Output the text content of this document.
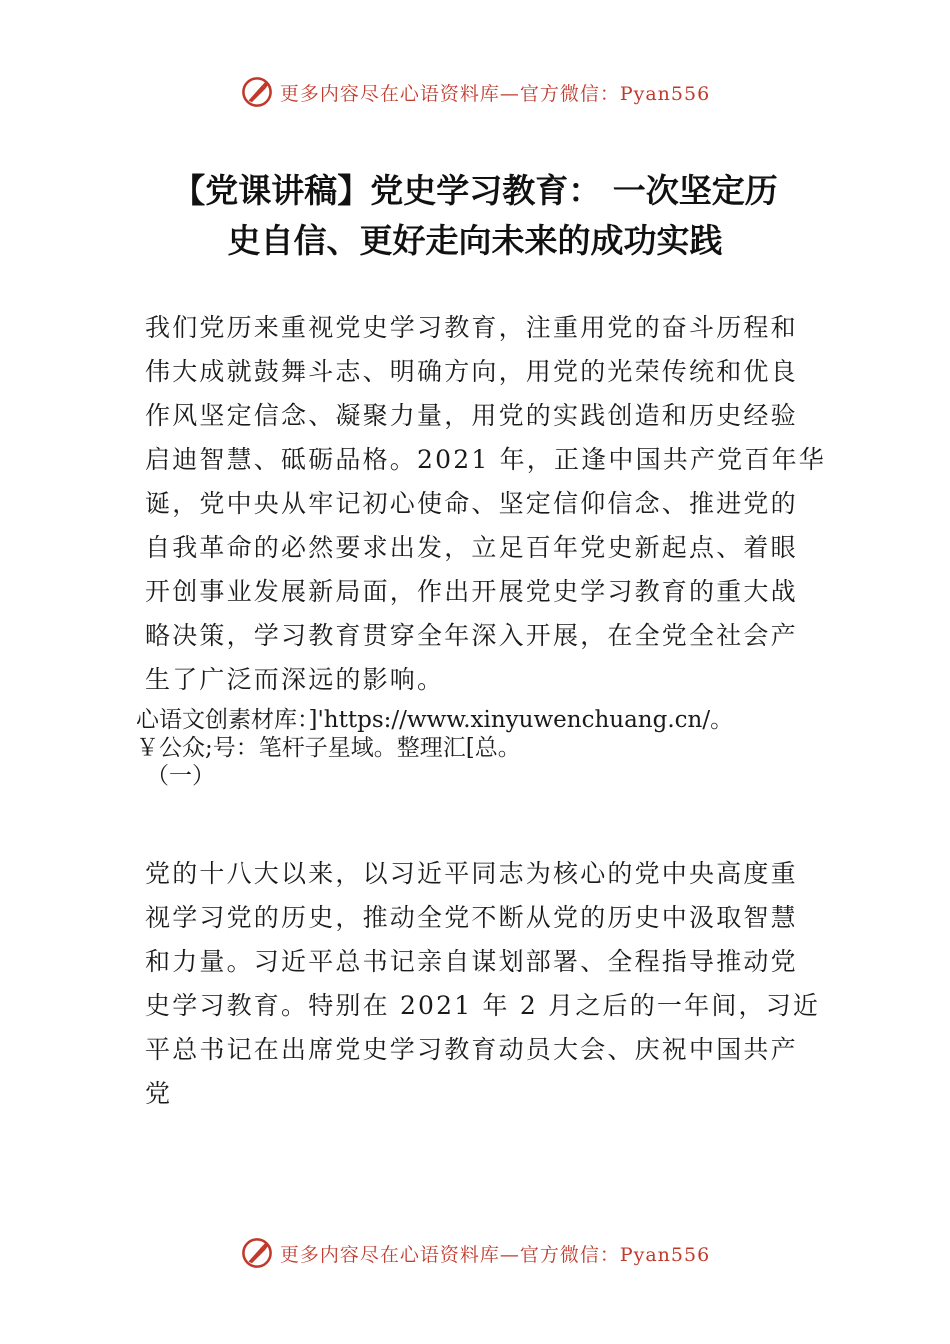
更多内容尽在心语资料库—官方微信：Pyan556
【党课讲稿】党史学习教育： 一次坚定历
史自信、更好走向未来的成功实践
我们党历来重视党史学习教育，注重用党的奋斗历程和
伟大成就鼓舞斗志、明确方向，用党的光荣传统和优良
作风坚定信念、凝聚力量，用党的实践创造和历史经验
启迪智慧、砥砺品格。2021 年，正逢中国共产党百年华
诞，党中央从牢记初心使命、坚定信仰信念、推进党的
自我革命的必然要求出发，立足百年党史新起点、着眼
开创事业发展新局面，作出开展党史学习教育的重大战
略决策，学习教育贯穿全年深入开展，在全党全社会产
生了广泛而深远的影响。
心语文创素材库：]'https://www.xinyuwenchuang.cn/。
￥公众;号：笔杆子星域。整理汇[总。
（一）
党的十八大以来，以习近平同志为核心的党中央高度重
视学习党的历史，推动全党不断从党的历史中汲取智慧
和力量。习近平总书记亲自谋划部署、全程指导推动党
史学习教育。特别在 2021 年 2 月之后的一年间，习近
平总书记在出席党史学习教育动员大会、庆祝中国共产
党
更多内容尽在心语资料库—官方微信：Pyan556
